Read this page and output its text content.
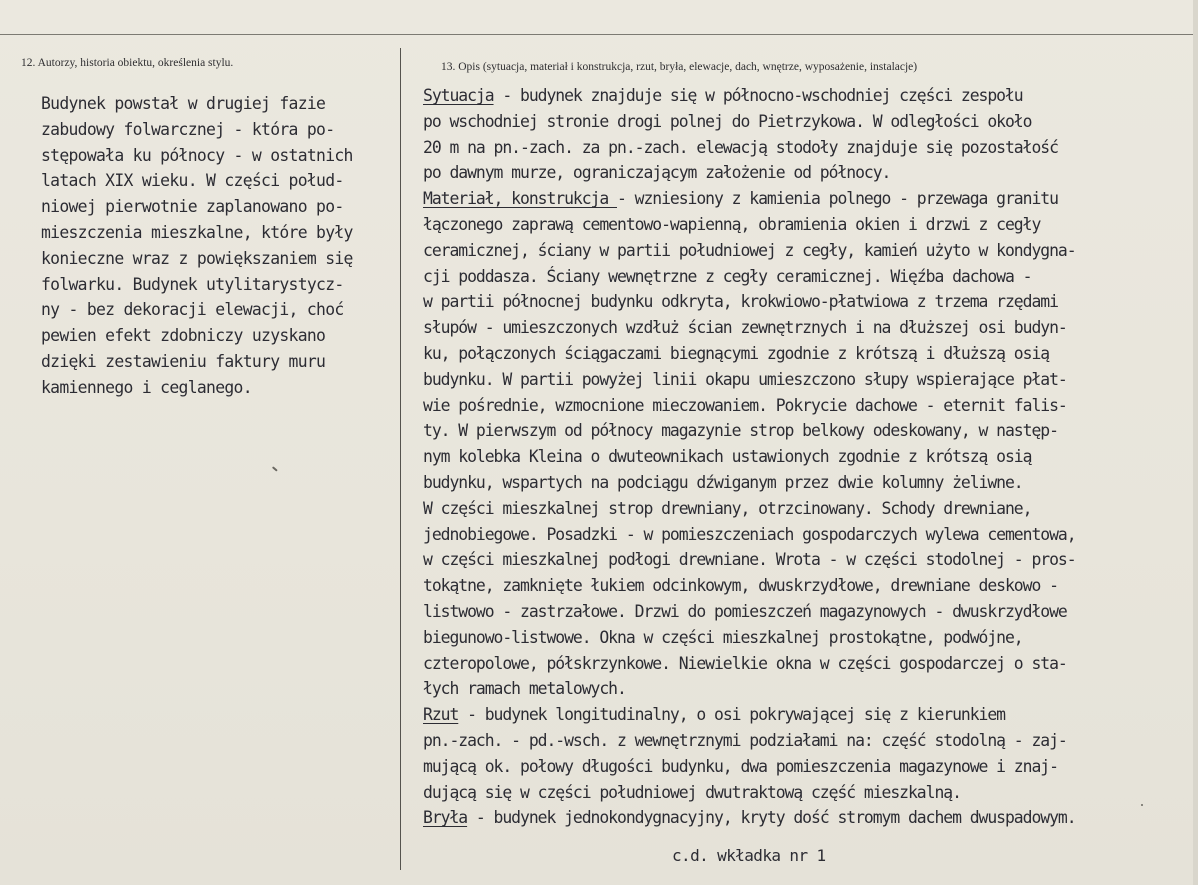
12. Autorzy, historia obiektu, określenia stylu.	13. Opis (sytuacja, materiał i konstrukcja, rzut, bryła, elewacje, dach, wnętrze, wyposażenie, instalacje)
Budynek powstał w drugiej fazie
zabudowy folwarcznej - która po-
stępowała ku północy - w ostatnich
latach XIX wieku. W części połud-
niowej pierwotnie zaplanowano po-
mieszczenia mieszkalne, które były
konieczne wraz z powiększaniem się
folwarku. Budynek utylitarystycz-
ny - bez dekoracji elewacji, choć
pewien efekt zdobniczy uzyskano
dzięki zestawieniu faktury muru
kamiennego i ceglanego.
Sytuacja - budynek znajduje się w północno-wschodniej części zespołu
po wschodniej stronie drogi polnej do Pietrzykowa. W odległości około
20 m na pn.-zach. za pn.-zach. elewacją stodoły znajduje się pozostałość
po dawnym murze, ograniczającym założenie od północy.
Materiał, konstrukcja - wzniesiony z kamienia polnego - przewaga granitu
łączonego zaprawą cementowo-wapienną, obramienia okien i drzwi z cegły
ceramicznej, ściany w partii południowej z cegły, kamień użyto w kondygna-
cji poddasza. Ściany wewnętrzne z cegły ceramicznej. Więźba dachowa -
w partii północnej budynku odkryta, krokwiowo-płatwiowa z trzema rzędami
słupów - umieszczonych wzdłuż ścian zewnętrznych i na dłuższej osi budyn-
ku, połączonych ściągaczami biegnącymi zgodnie z krótszą i dłuższą osią
budynku. W partii powyżej linii okapu umieszczono słupy wspierające płat-
wie pośrednie, wzmocnione mieczowaniem. Pokrycie dachowe - eternit falis-
ty. W pierwszym od północy magazynie strop belkowy odeskowany, w następ-
nym kolebka Kleina o dwuteownikach ustawionych zgodnie z krótszą osią
budynku, wspartych na podciągu dźwiganym przez dwie kolumny żeliwne.
W części mieszkalnej strop drewniany, otrzcinowany. Schody drewniane,
jednobiegowe. Posadzki - w pomieszczeniach gospodarczych wylewa cementowa,
w części mieszkalnej podłogi drewniane. Wrota - w części stodolnej - pros-
tokątne, zamknięte łukiem odcinkowym, dwuskrzydłowe, drewniane deskowo -
listwowo - zastrzałowe. Drzwi do pomieszczeń magazynowych - dwuskrzydłowe
biegunowo-listwowe. Okna w części mieszkalnej prostokątne, podwójne,
czteropolowe, półskrzynkowe. Niewielkie okna w części gospodarczej o sta-
łych ramach metalowych.
Rzut - budynek longitudinalny, o osi pokrywającej się z kierunkiem
pn.-zach. - pd.-wsch. z wewnętrznymi podziałami na: część stodolną - zaj-
mującą ok. połowy długości budynku, dwa pomieszczenia magazynowe i znaj-
dującą się w części południowej dwutraktową część mieszkalną.
Bryła - budynek jednokondygnacyjny, kryty dość stromym dachem dwuspadowym.
c.d. wkładka nr 1
